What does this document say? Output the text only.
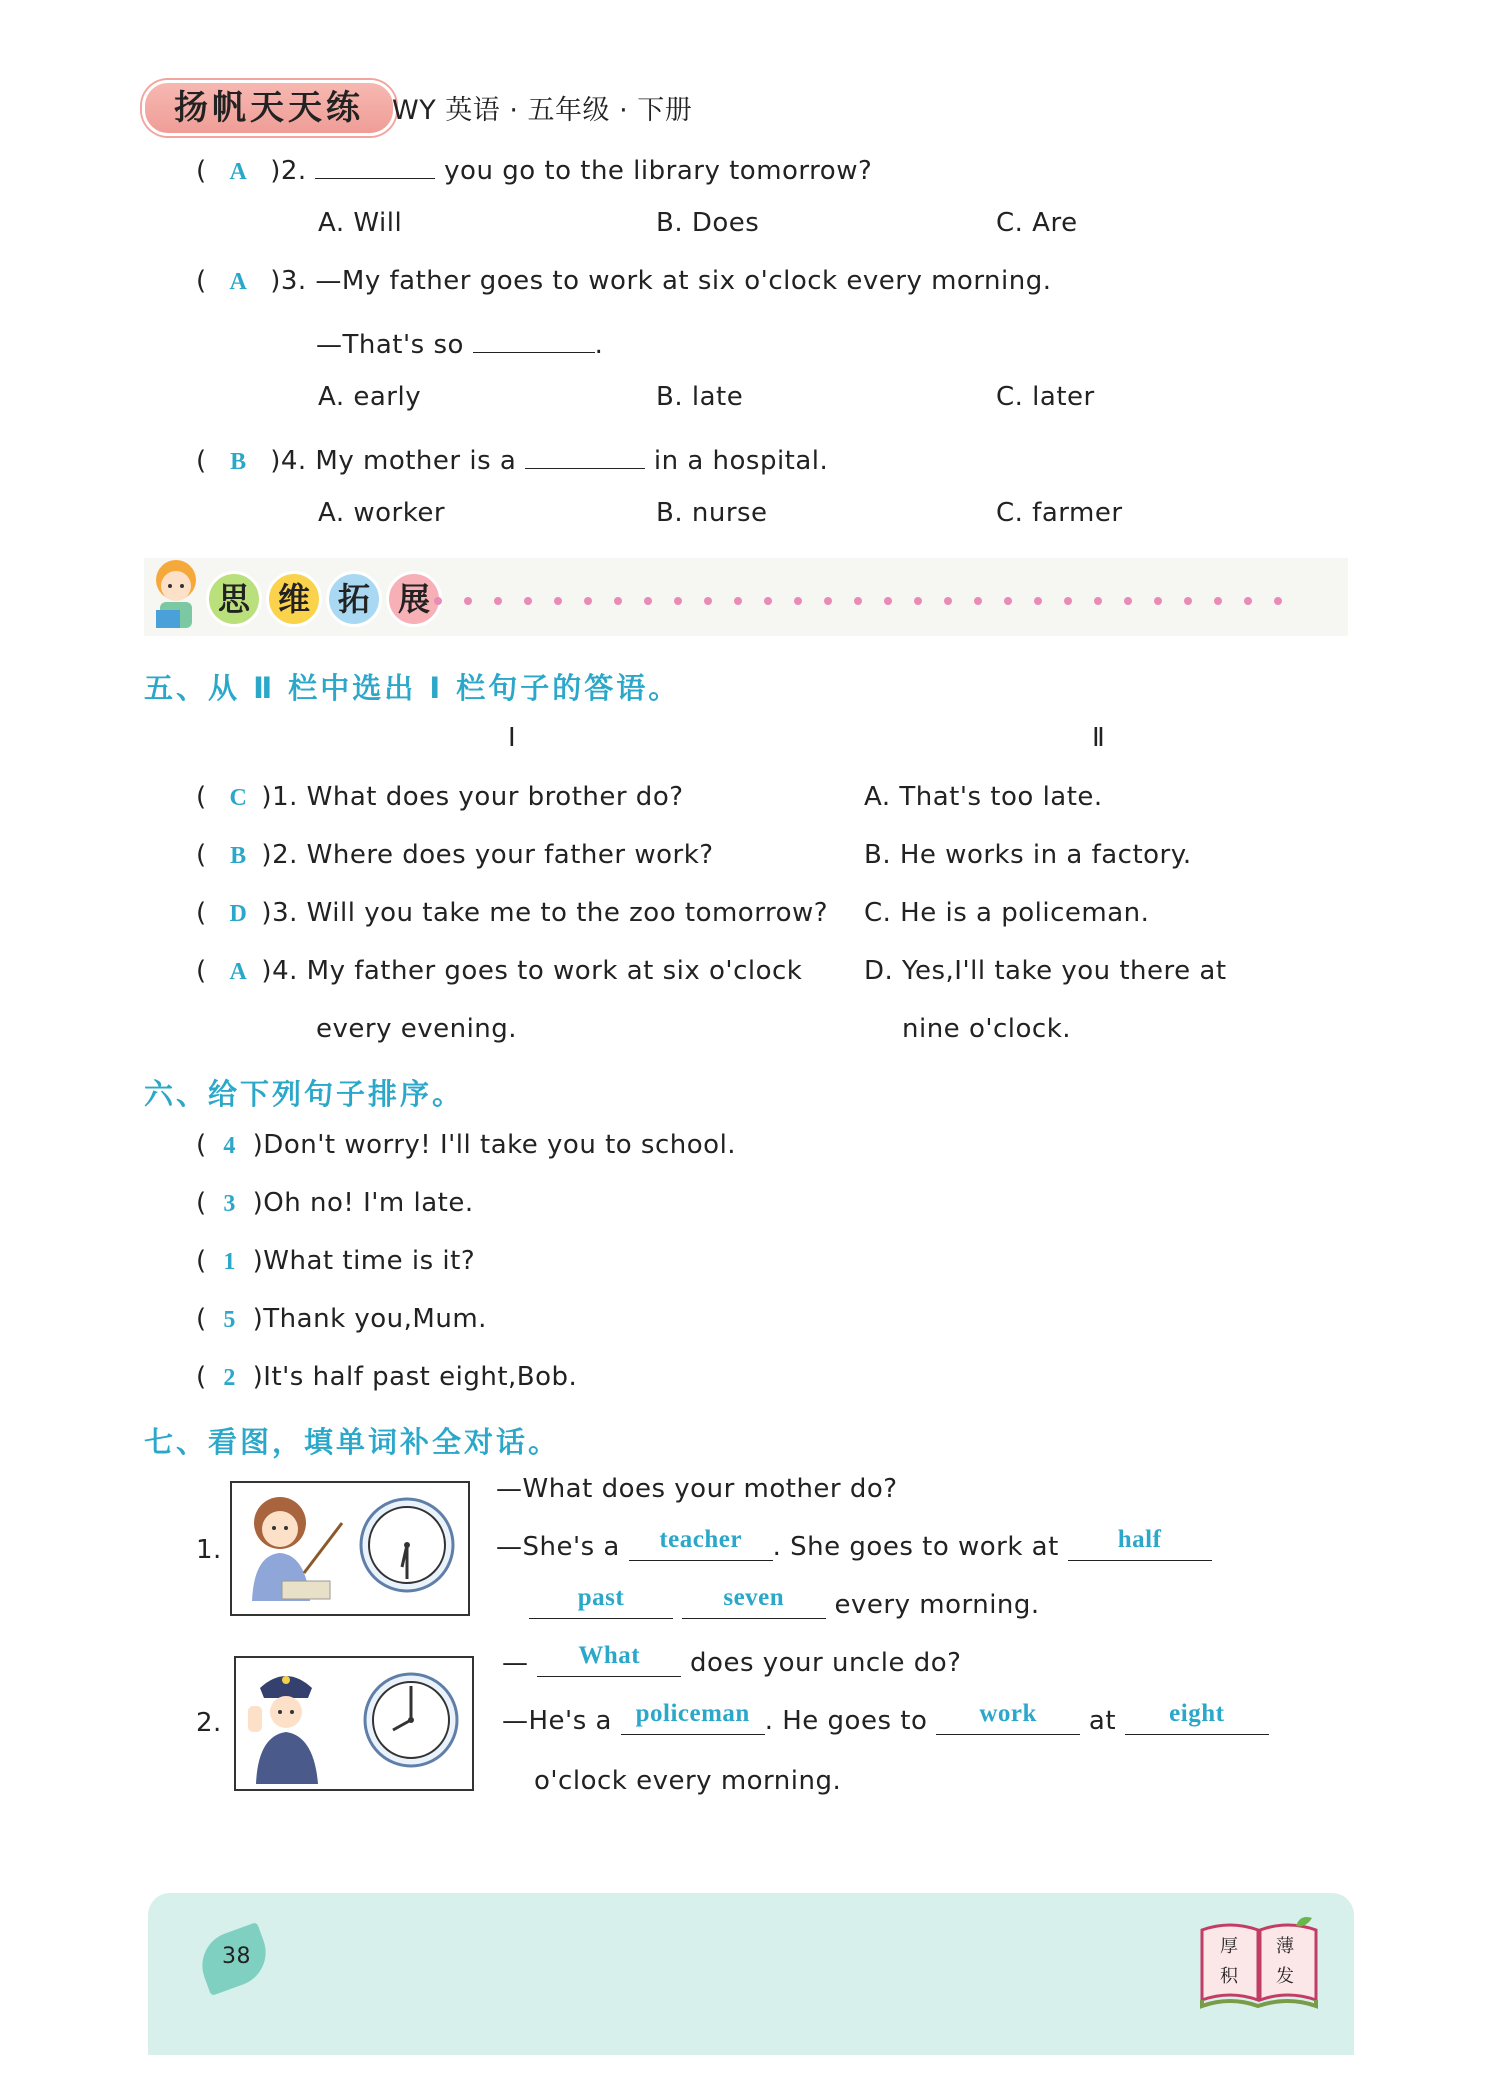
扬帆天天练	WY 英语 · 五年级 · 下册
( A )2.	you go to the library tomorrow?
A. Will	B. Does	C. Are
( A )3. —My father goes to work at six o'clock every morning.
—That's so	.
A. early	B. late	C. later
( B )4. My mother is a	in a hospital.
A. worker	B. nurse	C. farmer
思 维 拓 展
五、从 Ⅱ 栏中选出 Ⅰ 栏句子的答语。
Ⅰ	Ⅱ
( C )1. What does your brother do?	A. That's too late.
( B )2. Where does your father work?	B. He works in a factory.
( D )3. Will you take me to the zoo tomorrow? C. He is a policeman.
( A )4. My father goes to work at six o'clock D. Yes,I'll take you there at
every evening.	nine o'clock.
六、给下列句子排序。
( 4 )Don't worry! I'll take you to school.
( 3 )Oh no! I'm late.
( 1 )What time is it?
( 5 )Thank you,Mum.
( 2 )It's half past eight,Bob.
七、看图，填单词补全对话。
1.
—What does your mother do?
—She's a teacher . She goes to work at half
past	seven every morning.
2.
— What does your uncle do?
—He's a policeman . He goes to work at eight
o'clock every morning.
38	厚 薄
积 发
